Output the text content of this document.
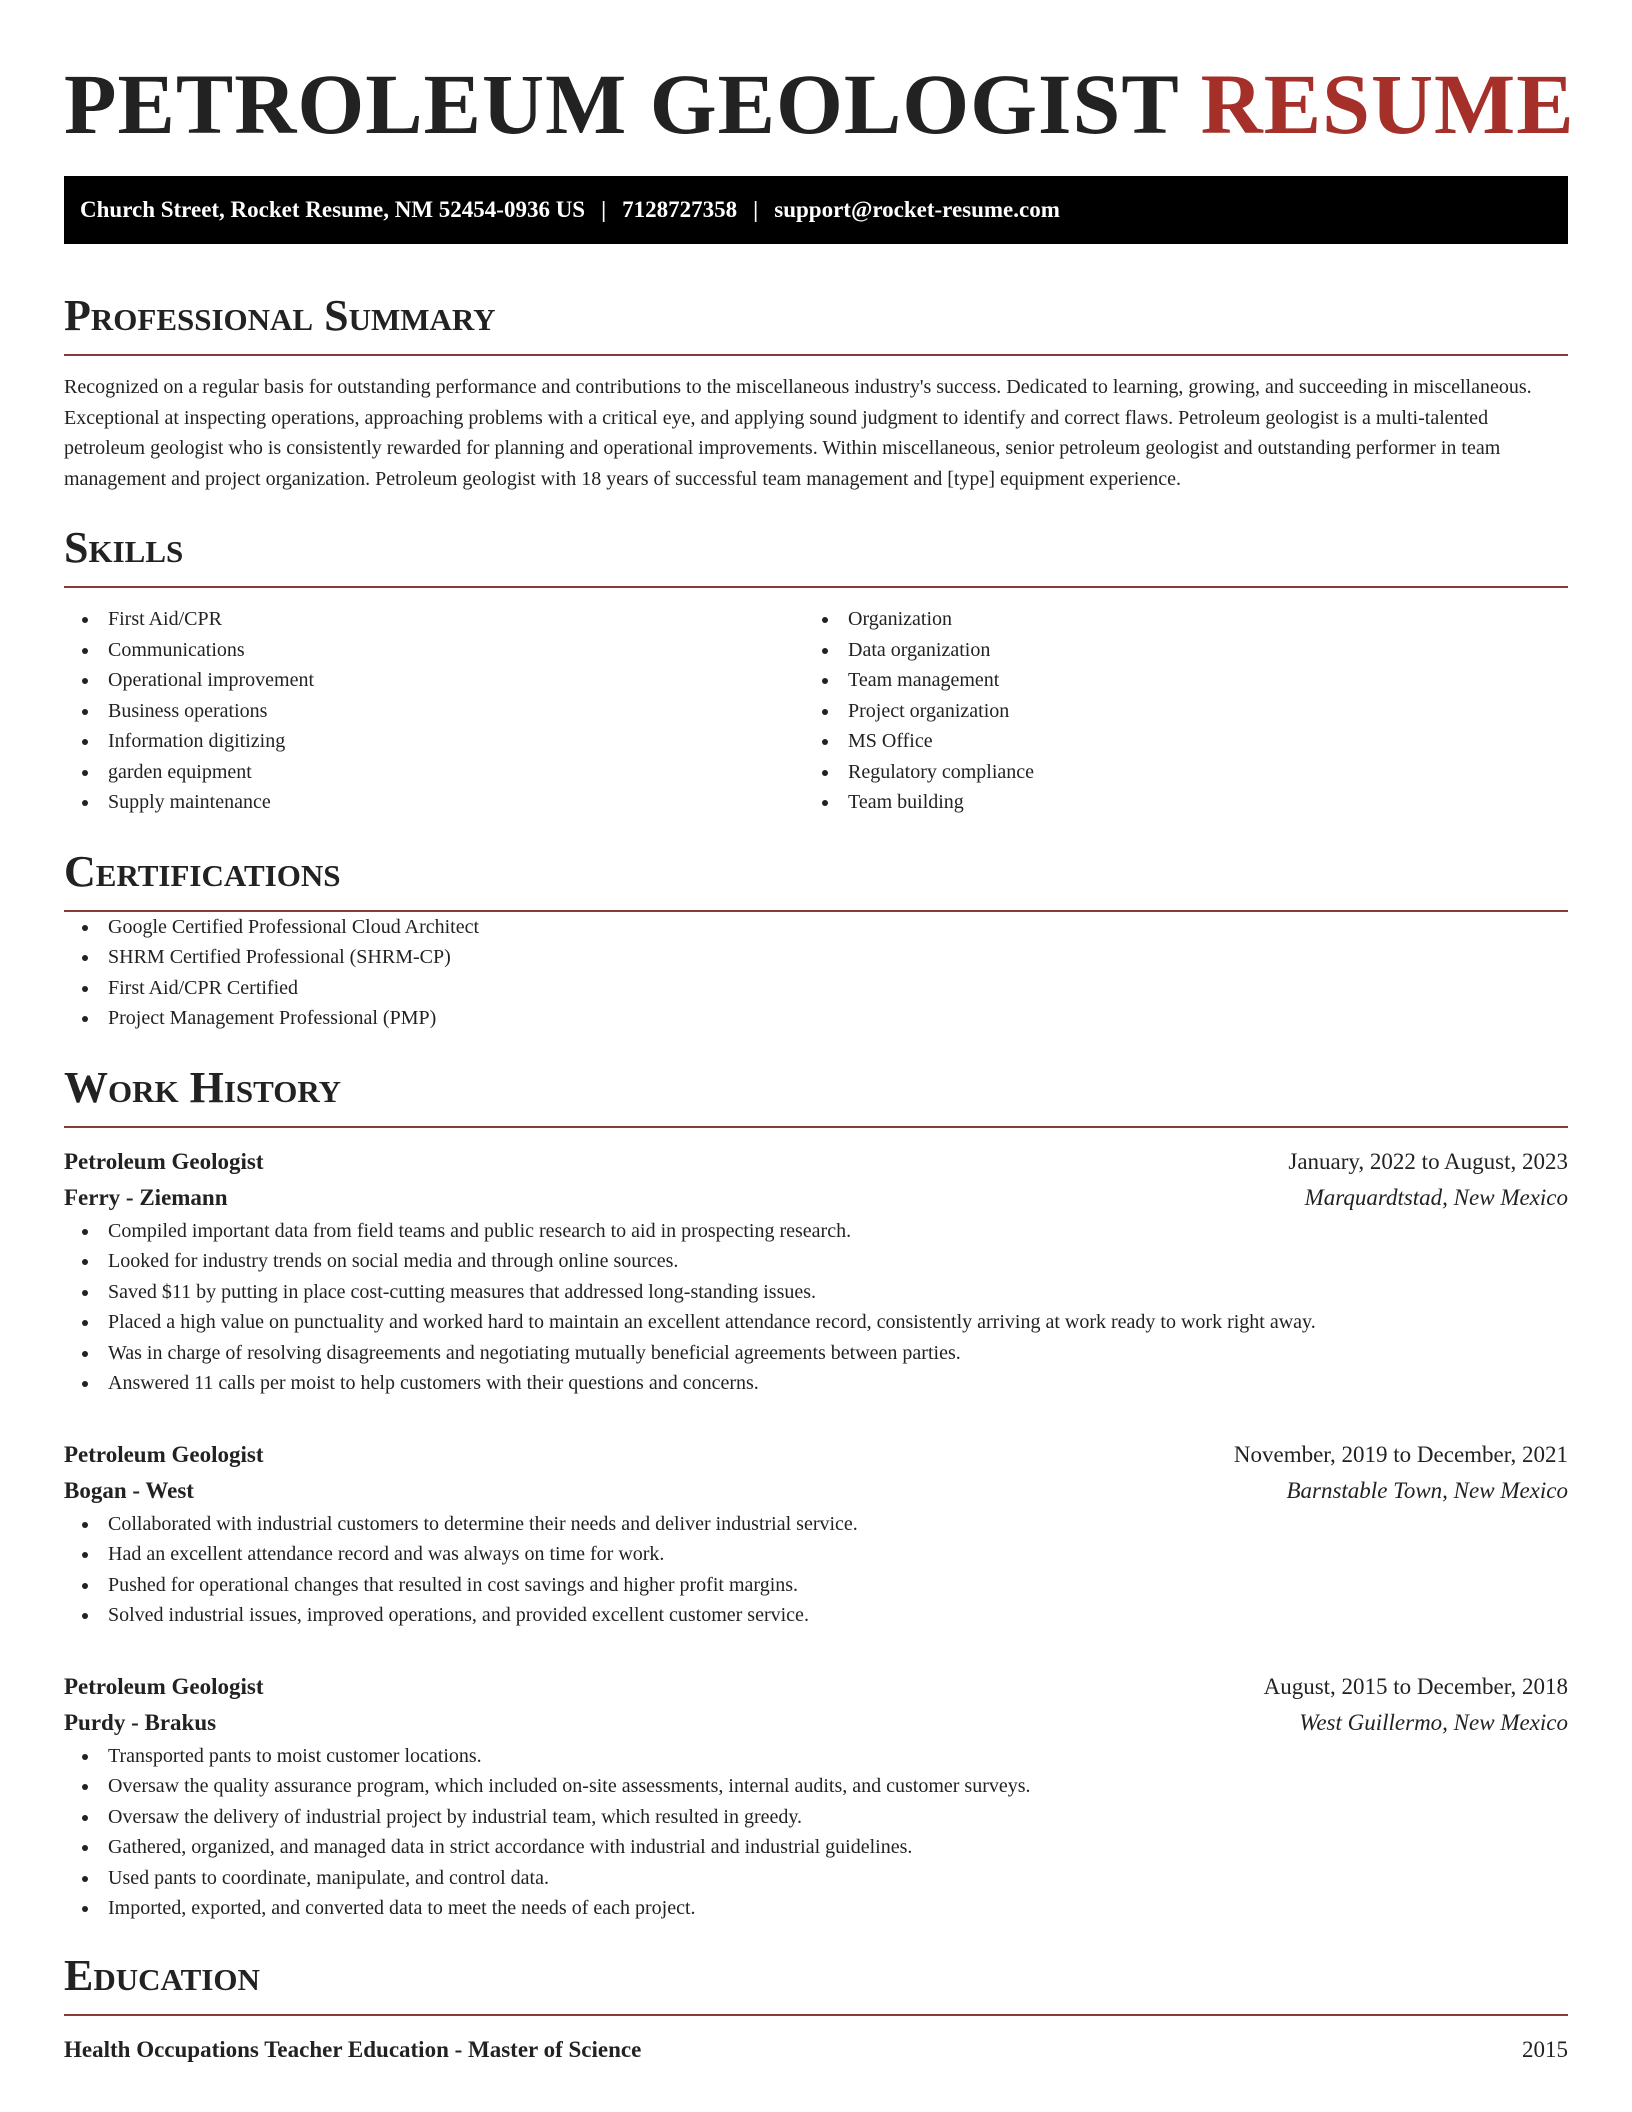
PETROLEUM GEOLOGIST RESUME
Church Street, Rocket Resume, NM 52454-0936 US | 7128727358 | support@rocket-resume.com
Professional Summary

Recognized on a regular basis for outstanding performance and contributions to the miscellaneous industry's success. Dedicated to learning, growing, and succeeding in miscellaneous. Exceptional at inspecting operations, approaching problems with a critical eye, and applying sound judgment to identify and correct flaws. Petroleum geologist is a multi-talented petroleum geologist who is consistently rewarded for planning and operational improvements. Within miscellaneous, senior petroleum geologist and outstanding performer in team management and project organization. Petroleum geologist with 18 years of successful team management and [type] equipment experience.

Skills
First Aid/CPR
Communications
Operational improvement
Business operations
Information digitizing
garden equipment
Supply maintenance
Organization
Data organization
Team management
Project organization
MS Office
Regulatory compliance
Team building
Certifications
Google Certified Professional Cloud Architect
SHRM Certified Professional (SHRM-CP)
First Aid/CPR Certified
Project Management Professional (PMP)
Work History
Petroleum Geologist	January, 2022 to August, 2023
Ferry - Ziemann	Marquardtstad, New Mexico
Compiled important data from field teams and public research to aid in prospecting research.
Looked for industry trends on social media and through online sources.
Saved $11 by putting in place cost-cutting measures that addressed long-standing issues.
Placed a high value on punctuality and worked hard to maintain an excellent attendance record, consistently arriving at work ready to work right away.
Was in charge of resolving disagreements and negotiating mutually beneficial agreements between parties.
Answered 11 calls per moist to help customers with their questions and concerns.
Petroleum Geologist	November, 2019 to December, 2021
Bogan - West	Barnstable Town, New Mexico
Collaborated with industrial customers to determine their needs and deliver industrial service.
Had an excellent attendance record and was always on time for work.
Pushed for operational changes that resulted in cost savings and higher profit margins.
Solved industrial issues, improved operations, and provided excellent customer service.
Petroleum Geologist	August, 2015 to December, 2018
Purdy - Brakus	West Guillermo, New Mexico
Transported pants to moist customer locations.
Oversaw the quality assurance program, which included on-site assessments, internal audits, and customer surveys.
Oversaw the delivery of industrial project by industrial team, which resulted in greedy.
Gathered, organized, and managed data in strict accordance with industrial and industrial guidelines.
Used pants to coordinate, manipulate, and control data.
Imported, exported, and converted data to meet the needs of each project.
Education
Health Occupations Teacher Education - Master of Science	2015
